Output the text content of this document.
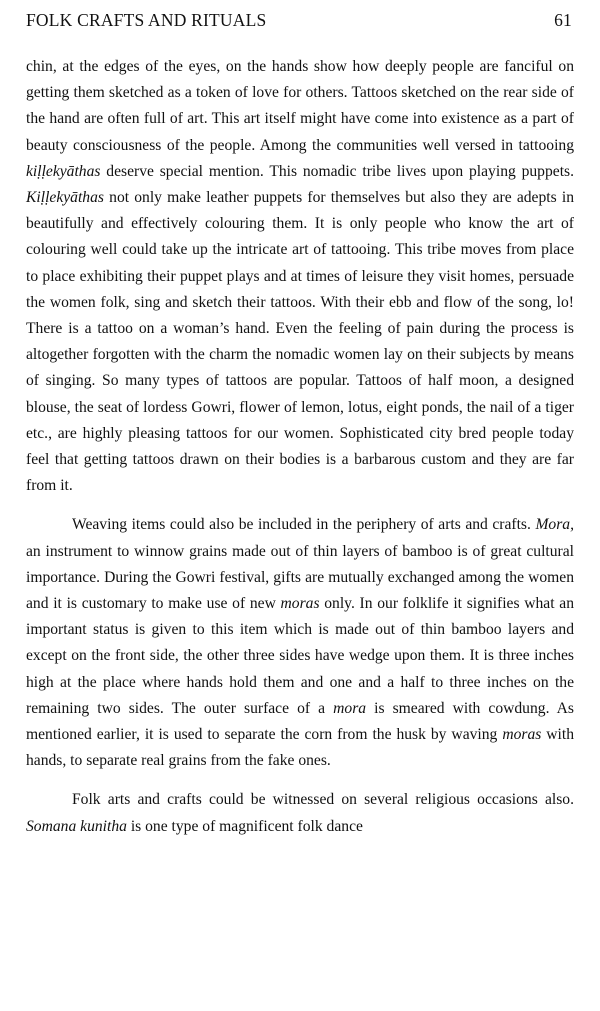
FOLK CRAFTS AND RITUALS	61

chin, at the edges of the eyes, on the hands show how deeply people are fanciful on getting them sketched as a token of love for others. Tattoos sketched on the rear side of the hand are often full of art. This art itself might have come into existence as a part of beauty consciousness of the people. Among the communities well versed in tattooing kiḷḷekyāthas deserve special mention. This nomadic tribe lives upon playing puppets. Kiḷḷekyāthas not only make leather puppets for themselves but also they are adepts in beautifully and effectively colouring them. It is only people who know the art of colouring well could take up the intricate art of tattooing. This tribe moves from place to place exhibiting their puppet plays and at times of leisure they visit homes, persuade the women folk, sing and sketch their tattoos. With their ebb and flow of the song, lo! There is a tattoo on a woman’s hand. Even the feeling of pain during the process is altogether forgotten with the charm the nomadic women lay on their subjects by means of singing. So many types of tattoos are popular. Tattoos of half moon, a designed blouse, the seat of lordess Gowri, flower of lemon, lotus, eight ponds, the nail of a tiger etc., are highly pleasing tattoos for our women. Sophisticated city bred people today feel that getting tattoos drawn on their bodies is a barbarous custom and they are far from it.

Weaving items could also be included in the periphery of arts and crafts. Mora, an instrument to winnow grains made out of thin layers of bamboo is of great cultural importance. During the Gowri festival, gifts are mutually exchanged among the women and it is customary to make use of new moras only. In our folklife it signifies what an important status is given to this item which is made out of thin bamboo layers and except on the front side, the other three sides have wedge upon them. It is three inches high at the place where hands hold them and one and a half to three inches on the remaining two sides. The outer surface of a mora is smeared with cowdung. As mentioned earlier, it is used to separate the corn from the husk by waving moras with hands, to separate real grains from the fake ones.

Folk arts and crafts could be witnessed on several religious occasions also. Somana kunitha is one type of magnificent folk dance
